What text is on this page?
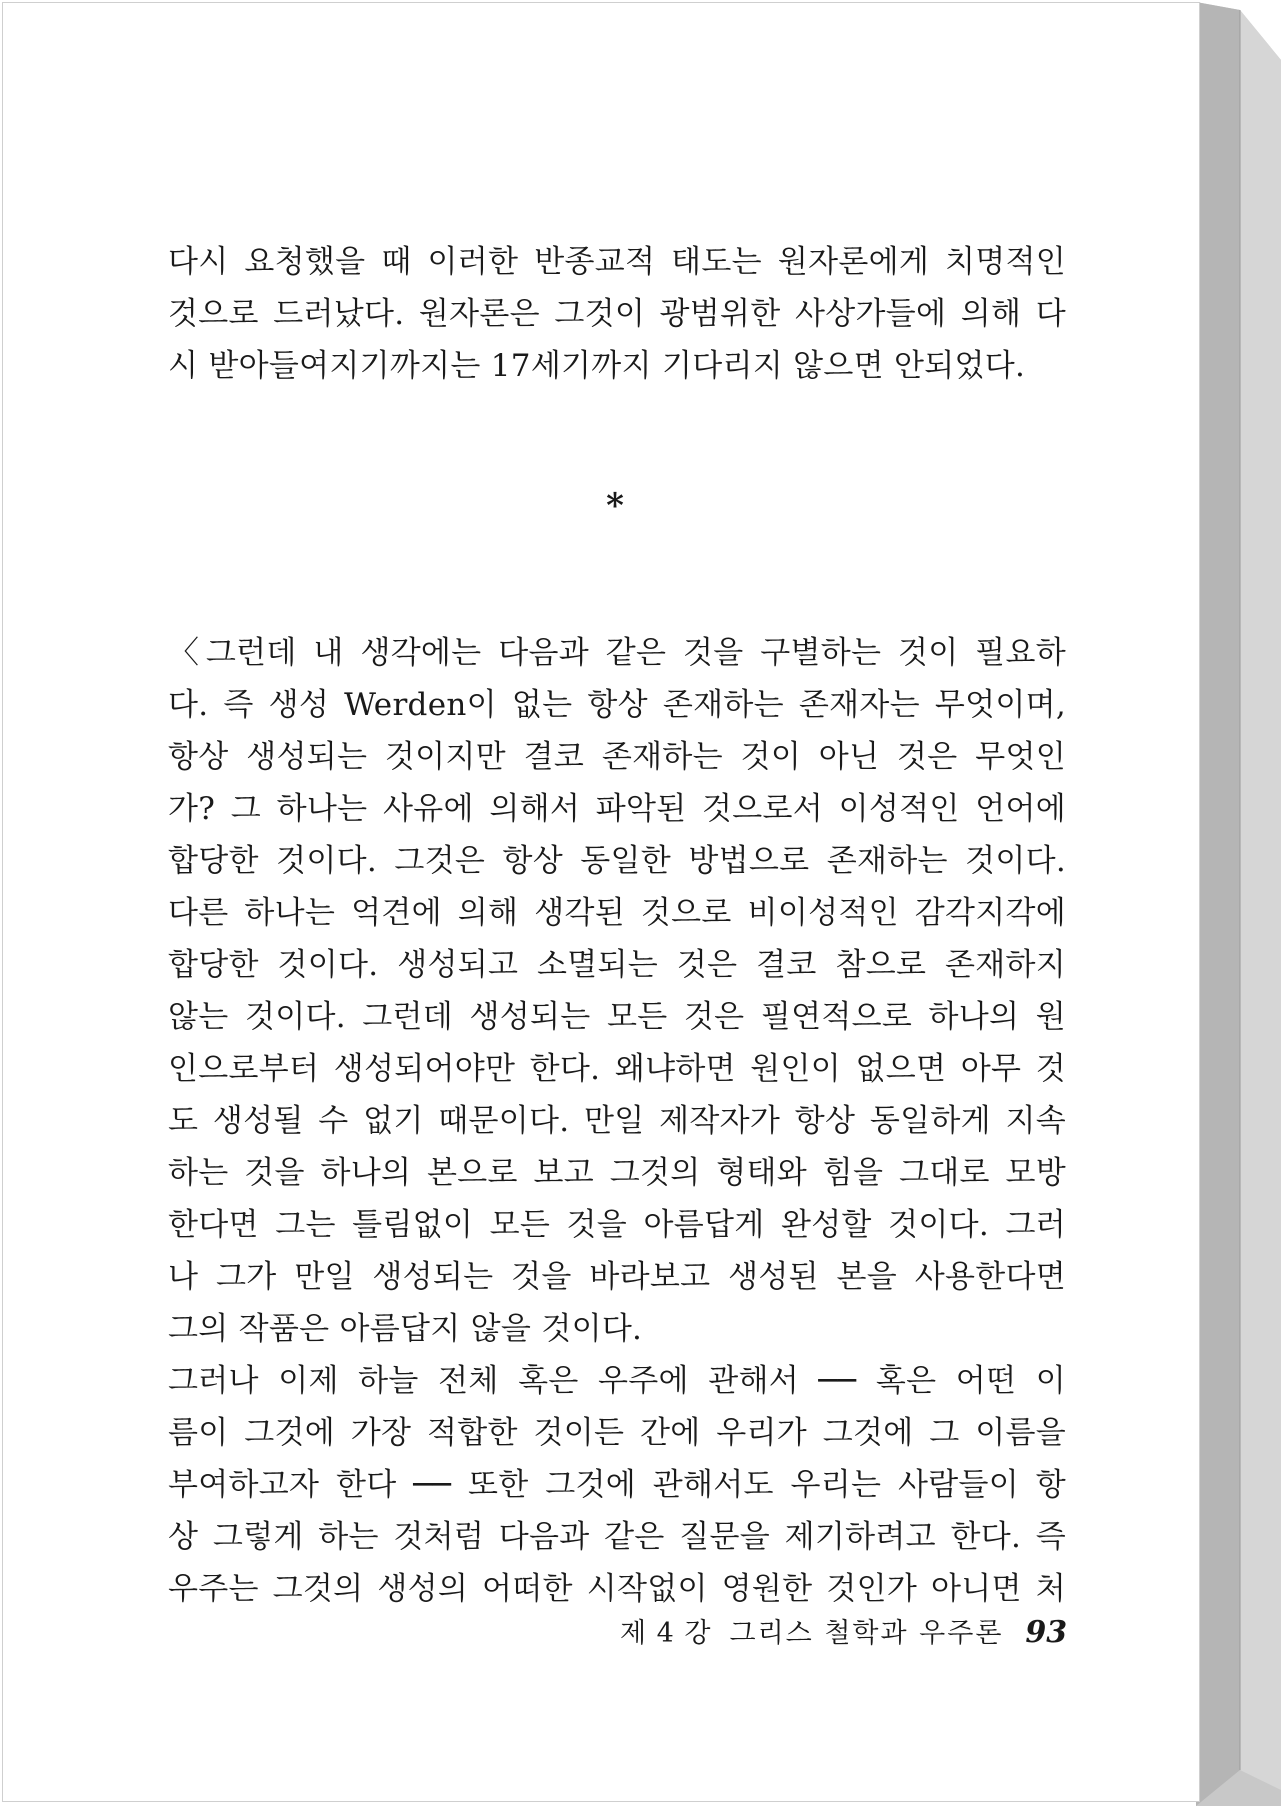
다시 요청했을 때 이러한 반종교적 태도는 원자론에게 치명적인
것으로 드러났다. 원자론은 그것이 광범위한 사상가들에 의해 다
시 받아들여지기까지는 17세기까지 기다리지 않으면 안되었다.
*
〈그런데 내 생각에는 다음과 같은 것을 구별하는 것이 필요하
다. 즉 생성 Werden이 없는 항상 존재하는 존재자는 무엇이며,
항상 생성되는 것이지만 결코 존재하는 것이 아닌 것은 무엇인
가? 그 하나는 사유에 의해서 파악된 것으로서 이성적인 언어에
합당한 것이다. 그것은 항상 동일한 방법으로 존재하는 것이다.
다른 하나는 억견에 의해 생각된 것으로 비이성적인 감각지각에
합당한 것이다. 생성되고 소멸되는 것은 결코 참으로 존재하지
않는 것이다. 그런데 생성되는 모든 것은 필연적으로 하나의 원
인으로부터 생성되어야만 한다. 왜냐하면 원인이 없으면 아무 것
도 생성될 수 없기 때문이다. 만일 제작자가 항상 동일하게 지속
하는 것을 하나의 본으로 보고 그것의 형태와 힘을 그대로 모방
한다면 그는 틀림없이 모든 것을 아름답게 완성할 것이다. 그러
나 그가 만일 생성되는 것을 바라보고 생성된 본을 사용한다면
그의 작품은 아름답지 않을 것이다.
그러나 이제 하늘 전체 혹은 우주에 관해서 ── 혹은 어떤 이
름이 그것에 가장 적합한 것이든 간에 우리가 그것에 그 이름을
부여하고자 한다 ── 또한 그것에 관해서도 우리는 사람들이 항
상 그렇게 하는 것처럼 다음과 같은 질문을 제기하려고 한다. 즉
우주는 그것의 생성의 어떠한 시작없이 영원한 것인가 아니면 처
제 4 강 그리스 철학과 우주론 93
